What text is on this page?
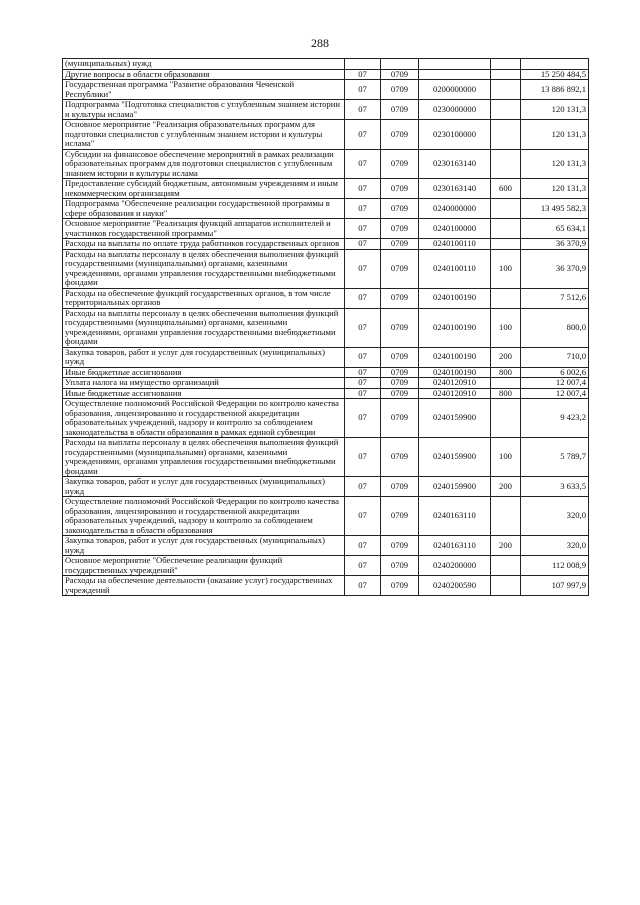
288
(муниципальных) нужд					
Другие вопросы в области образования	07	0709			15 250 484,5
Государственная программа "Развитие образования Чеченской Республики"	07	0709	0200000000		13 886 892,1
Подпрограмма "Подготовка специалистов с углубленным знанием истории и культуры ислама"	07	0709	0230000000		120 131,3
Основное мероприятие "Реализация образовательных программ для подготовки специалистов с углубленным знанием истории и культуры ислама"	07	0709	0230100000		120 131,3
Субсидии на финансовое обеспечение мероприятий в рамках реализации образовательных программ для подготовки специалистов с углубленным знанием истории и культуры ислама	07	0709	0230163140		120 131,3
Предоставление субсидий бюджетным, автономным учреждениям и иным некоммерческим организациям	07	0709	0230163140	600	120 131,3
Подпрограмма "Обеспечение реализации государственной программы в сфере образования и науки"	07	0709	0240000000		13 495 582,3
Основное мероприятие "Реализация функций аппаратов исполнителей и участников государственной программы"	07	0709	0240100000		65 634,1
Расходы на выплаты по оплате труда работников государственных органов	07	0709	0240100110		36 370,9
Расходы на выплаты персоналу в целях обеспечения выполнения функций государственными (муниципальными) органами, казенными учреждениями, органами управления государственными внебюджетными фондами	07	0709	0240100110	100	36 370,9
Расходы на обеспечение функций государственных органов, в том числе территориальных органов	07	0709	0240100190		7 512,6
Расходы на выплаты персоналу в целях обеспечения выполнения функций государственными (муниципальными) органами, казенными учреждениями, органами управления государственными внебюджетными фондами	07	0709	0240100190	100	800,0
Закупка товаров, работ и услуг для государственных (муниципальных) нужд	07	0709	0240100190	200	710,0
Иные бюджетные ассигнования	07	0709	0240100190	800	6 002,6
Уплата налога на имущество организаций	07	0709	0240120910		12 007,4
Иные бюджетные ассигнования	07	0709	0240120910	800	12 007,4
Осуществление полномочий Российской Федерации по контролю качества образования, лицензированию и государственной аккредитации образовательных учреждений, надзору и контролю за соблюдением законодательства в области образования в рамках единой субвенции	07	0709	0240159900		9 423,2
Расходы на выплаты персоналу в целях обеспечения выполнения функций государственными (муниципальными) органами, казенными учреждениями, органами управления государственными внебюджетными фондами	07	0709	0240159900	100	5 789,7
Закупка товаров, работ и услуг для государственных (муниципальных) нужд	07	0709	0240159900	200	3 633,5
Осуществление полномочий Российской Федерации по контролю качества образования, лицензированию и государственной аккредитации образовательных учреждений, надзору и контролю за соблюдением законодательства в области образования	07	0709	0240163110		320,0
Закупка товаров, работ и услуг для государственных (муниципальных) нужд	07	0709	0240163110	200	320,0
Основное мероприятие "Обеспечение реализации функций государственных учреждений"	07	0709	0240200000		112 008,9
Расходы на обеспечение деятельности (оказание услуг) государственных учреждений	07	0709	0240200590		107 997,9
